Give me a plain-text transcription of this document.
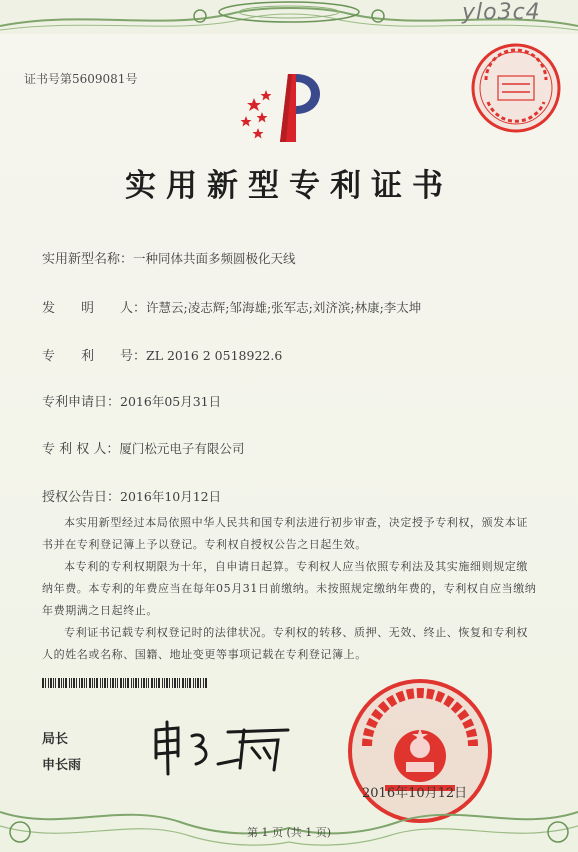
ylo3c4
证书号第5609081号
实用新型专利证书
实用新型名称：一种同体共面多频圆极化天线
发　　明　　人：许慧云;凌志辉;邹海雄;张军志;刘济滨;林康;李太坤
专　　利　　号：ZL 2016 2 0518922.6
专利申请日：2016年05月31日
专 利 权 人：厦门松元电子有限公司
授权公告日：2016年10月12日

本实用新型经过本局依照中华人民共和国专利法进行初步审查，决定授予专利权，颁发本证书并在专利登记簿上予以登记。专利权自授权公告之日起生效。

本专利的专利权期限为十年，自申请日起算。专利权人应当依照专利法及其实施细则规定缴纳年费。本专利的年费应当在每年05月31日前缴纳。未按照规定缴纳年费的，专利权自应当缴纳年费期满之日起终止。

专利证书记载专利权登记时的法律状况。专利权的转移、质押、无效、终止、恢复和专利权人的姓名或名称、国籍、地址变更等事项记载在专利登记簿上。

局长
申长雨
2016年10月12日
第 1 页 (共 1 页)
